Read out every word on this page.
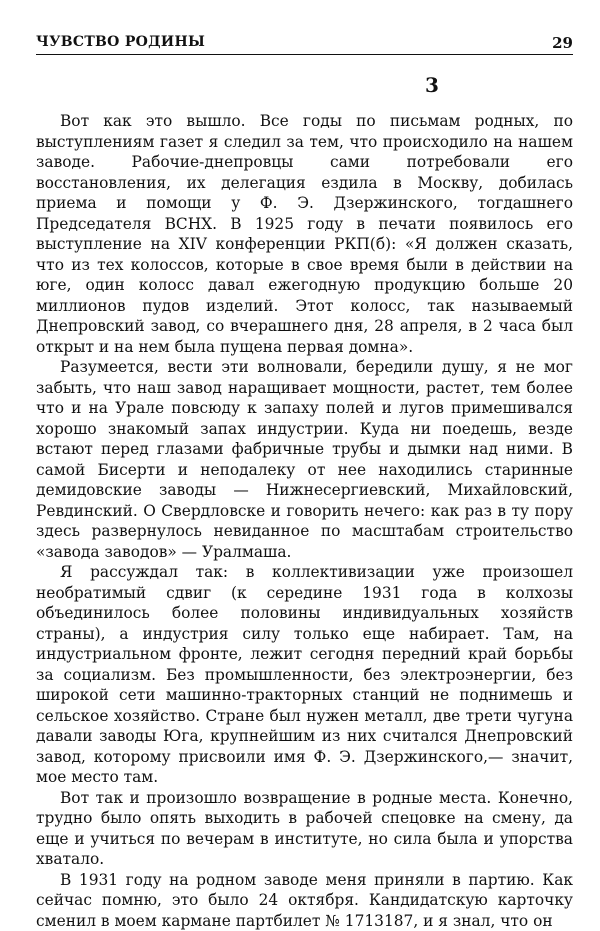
ЧУВСТВО РОДИНЫ	29
3

Вот как это вышло. Все годы по письмам родных, по выступлениям газет я следил за тем, что происходило на нашем заводе. Рабочие-днепровцы сами потребовали его восстановления, их делегация ездила в Москву, добилась приема и помощи у Ф. Э. Дзержинского, тогдашнего Председателя ВСНХ. В 1925 году в печати появилось его выступление на XIV конференции РКП(б): «Я должен сказать, что из тех колоссов, которые в свое время были в действии на юге, один колосс давал ежегодную продукцию больше 20 миллионов пудов изделий. Этот колосс, так называемый Днепровский завод, со вчерашнего дня, 28 апреля, в 2 часа был открыт и на нем была пущена первая домна».

Разумеется, вести эти волновали, бередили душу, я не мог забыть, что наш завод наращивает мощности, растет, тем более что и на Урале повсюду к запаху полей и лугов примешивался хорошо знакомый запах индустрии. Куда ни поедешь, везде встают перед глазами фабричные трубы и дымки над ними. В самой Бисерти и неподалеку от нее находились старинные демидовские заводы — Нижнесергиевский, Михайловский, Ревдинский. О Свердловске и говорить нечего: как раз в ту пору здесь развернулось невиданное по масштабам строительство «завода заводов» — Уралмаша.

Я рассуждал так: в коллективизации уже произошел необратимый сдвиг (к середине 1931 года в колхозы объединилось более половины индивидуальных хозяйств страны), а индустрия силу только еще набирает. Там, на индустриальном фронте, лежит сегодня передний край борьбы за социализм. Без промышленности, без электроэнергии, без широкой сети машинно-тракторных станций не поднимешь и сельское хозяйство. Стране был нужен металл, две трети чугуна давали заводы Юга, крупнейшим из них считался Днепровский завод, которому присвоили имя Ф. Э. Дзержинского,— значит, мое место там.

Вот так и произошло возвращение в родные места. Конечно, трудно было опять выходить в рабочей спецовке на смену, да еще и учиться по вечерам в институте, но сила была и упорства хватало.

В 1931 году на родном заводе меня приняли в партию. Как сейчас помню, это было 24 октября. Кандидатскую карточку сменил в моем кармане партбилет № 1713187, и я знал, что он
